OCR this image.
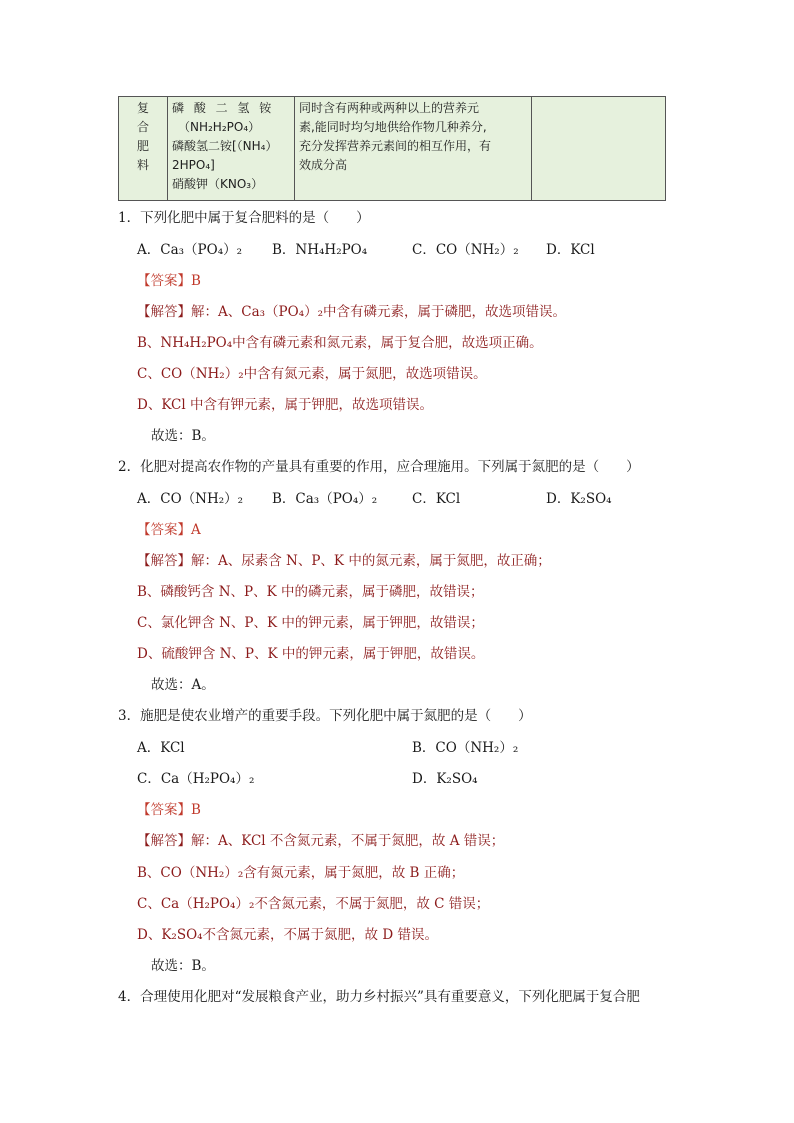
复
合
肥
料

磷 酸 二 氢 铵
（NH₂H₂PO₄）
磷酸氢二铵[（NH₄）
2HPO₄]
硝酸钾（KNO₃）

同时含有两种或两种以上的营养元
素,能同时均匀地供给作物几种养分,
充分发挥营养元素间的相互作用，有
效成分高

1．下列化肥中属于复合肥料的是（　　）
A．Ca₃（PO₄）₂ B．NH₄H₂PO₄	C．CO（NH₂）₂ D．KCl
【答案】B
【解答】解：A、Ca₃（PO₄）₂中含有磷元素，属于磷肥，故选项错误。
B、NH₄H₂PO₄中含有磷元素和氮元素，属于复合肥，故选项正确。
C、CO（NH₂）₂中含有氮元素，属于氮肥，故选项错误。
D、KCl 中含有钾元素，属于钾肥，故选项错误。
故选：B。
2．化肥对提高农作物的产量具有重要的作用，应合理施用。下列属于氮肥的是（　　）
A．CO（NH₂）₂ B．Ca₃（PO₄）₂	C．KCl	D．K₂SO₄
【答案】A
【解答】解：A、尿素含 N、P、K 中的氮元素，属于氮肥，故正确；
B、磷酸钙含 N、P、K 中的磷元素，属于磷肥，故错误；
C、氯化钾含 N、P、K 中的钾元素，属于钾肥，故错误；
D、硫酸钾含 N、P、K 中的钾元素，属于钾肥，故错误。
故选：A。
3．施肥是使农业增产的重要手段。下列化肥中属于氮肥的是（　　）
A．KCl	B．CO（NH₂）₂
C．Ca（H₂PO₄）₂	D．K₂SO₄
【答案】B
【解答】解：A、KCl 不含氮元素，不属于氮肥，故 A 错误；
B、CO（NH₂）₂含有氮元素，属于氮肥，故 B 正确；
C、Ca（H₂PO₄）₂不含氮元素，不属于氮肥，故 C 错误；
D、K₂SO₄不含氮元素，不属于氮肥，故 D 错误。
故选：B。
4．合理使用化肥对“发展粮食产业，助力乡村振兴”具有重要意义，下列化肥属于复合肥
